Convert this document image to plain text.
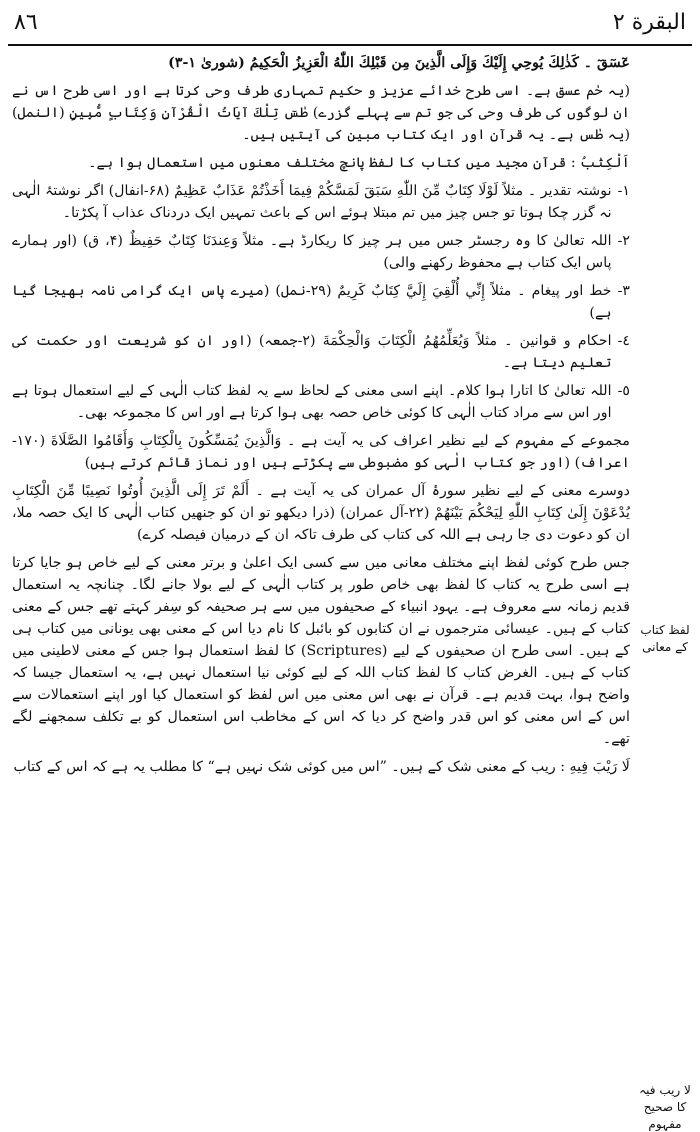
٨٦	البقرة ٢
لفظ کتاب کے معانی
لا ریب فیہ کا صحیح مفہوم

عٓسٓقٓ ۔ کَذٰلِكَ يُوحِي إِلَيْكَ وَإِلَى الَّذِينَ مِن قَبْلِكَ اللّٰهُ الْعَزِيزُ الْحَكِيمُ (شوریٰ ١-٣)

(یہ حٰم عسق ہے۔ اسی طرح خدائے عزیز و حکیم تمہاری طرف وحی کرتا ہے اور اسی طرح اس نے ان لوگوں کی طرف وحی کی جو تم سے پہلے گزرے) طٰسٓ تِلْكَ آيَاتُ الْقُرْآنِ وَكِتَابٍ مُّبِينٍ (النمل) (یہ طٰس ہے۔ یہ قرآن اور ایک کتاب مبین کی آیتیں ہیں۔

اَلْكِتٰبُ : قرآن مجید میں کتاب کا لفظ پانچ مختلف معنوں میں استعمال ہوا ہے۔

١-
نوشتہ تقدیر ۔ مثلاً لَوْلَا كِتَابٌ مِّنَ اللّٰهِ سَبَقَ لَمَسَّكُمْ فِيمَا أَخَذْتُمْ عَذَابٌ عَظِيمٌ (۶٨-انفال) اگر نوشتۂ الٰہی نہ گزر چکا ہوتا تو جس چیز میں تم مبتلا ہوئے اس کے باعث تمہیں ایک دردناک عذاب آ پکڑتا۔
٢-
اللہ تعالیٰ کا وہ رجسٹر جس میں ہر چیز کا ریکارڈ ہے۔ مثلاً وَعِندَنَا كِتَابٌ حَفِيظٌ (۴، ق) (اور ہمارے پاس ایک کتاب ہے محفوظ رکھنے والی)
٣-
خط اور پیغام ۔ مثلاً إِنِّي أُلْقِيَ إِلَيَّ كِتَابٌ كَرِيمٌ (٢٩-نمل) (میرے پاس ایک گرامی نامہ بھیجا گیا ہے)
٤-
احکام و قوانین ۔ مثلاً وَيُعَلِّمُهُمُ الْكِتَابَ وَالْحِكْمَةَ (٢-جمعہ) (اور ان کو شریعت اور حکمت کی تعلیم دیتا ہے۔
٥-
اللہ تعالیٰ کا اتارا ہوا کلام۔ اپنے اسی معنی کے لحاظ سے یہ لفظ کتاب الٰہی کے لیے استعمال ہوتا ہے اور اس سے مراد کتاب الٰہی کا کوئی خاص حصہ بھی ہوا کرتا ہے اور اس کا مجموعہ بھی۔

مجموعے کے مفہوم کے لیے نظیر اعراف کی یہ آیت ہے ۔ وَالَّذِينَ يُمَسِّكُونَ بِالْكِتَابِ وَأَقَامُوا الصَّلَاةَ (١٧٠-اعراف) (اور جو کتاب الٰہی کو مضبوطی سے پکڑتے ہیں اور نماز قائم کرتے ہیں)

دوسرے معنی کے لیے نظیر سورۂ آل عمران کی یہ آیت ہے ۔ أَلَمْ تَرَ إِلَى الَّذِينَ أُوتُوا نَصِيبًا مِّنَ الْكِتَابِ يُدْعَوْنَ إِلَىٰ كِتَابِ اللّٰهِ لِيَحْكُمَ بَيْنَهُمْ (٢٢-آل عمران) (ذرا دیکھو تو ان کو جنھیں کتاب الٰہی کا ایک حصہ ملا، ان کو دعوت دی جا رہی ہے اللہ کی کتاب کی طرف تاکہ ان کے درمیان فیصلہ کرے)

جس طرح کوئی لفظ اپنے مختلف معانی میں سے کسی ایک اعلیٰ و برتر معنی کے لیے خاص ہو جایا کرتا ہے اسی طرح یہ کتاب کا لفظ بھی خاص طور پر کتاب الٰہی کے لیے بولا جانے لگا۔ چنانچہ یہ استعمال قدیم زمانہ سے معروف ہے۔ یہود انبیاء کے صحیفوں میں سے ہر صحیفہ کو سِفر کہتے تھے جس کے معنی کتاب کے ہیں۔ عیسائی مترجموں نے ان کتابوں کو بائبل کا نام دیا اس کے معنی بھی یونانی میں کتاب ہی کے ہیں۔ اسی طرح ان صحیفوں کے لیے (Scriptures) کا لفظ استعمال ہوا جس کے معنی لاطینی میں کتاب کے ہیں۔ الغرض کتاب کا لفظ کتاب اللہ کے لیے کوئی نیا استعمال نہیں ہے، یہ استعمال جیسا کہ واضح ہوا، بہت قدیم ہے۔ قرآن نے بھی اس معنی میں اس لفظ کو استعمال کیا اور اپنے استعمالات سے اس کے اس معنی کو اس قدر واضح کر دیا کہ اس کے مخاطب اس استعمال کو بے تکلف سمجھنے لگے تھے۔

لَا رَيْبَ فِيهِ : ریب کے معنی شک کے ہیں۔ ”اس میں کوئی شک نہیں ہے“ کا مطلب یہ ہے کہ اس کے کتاب
